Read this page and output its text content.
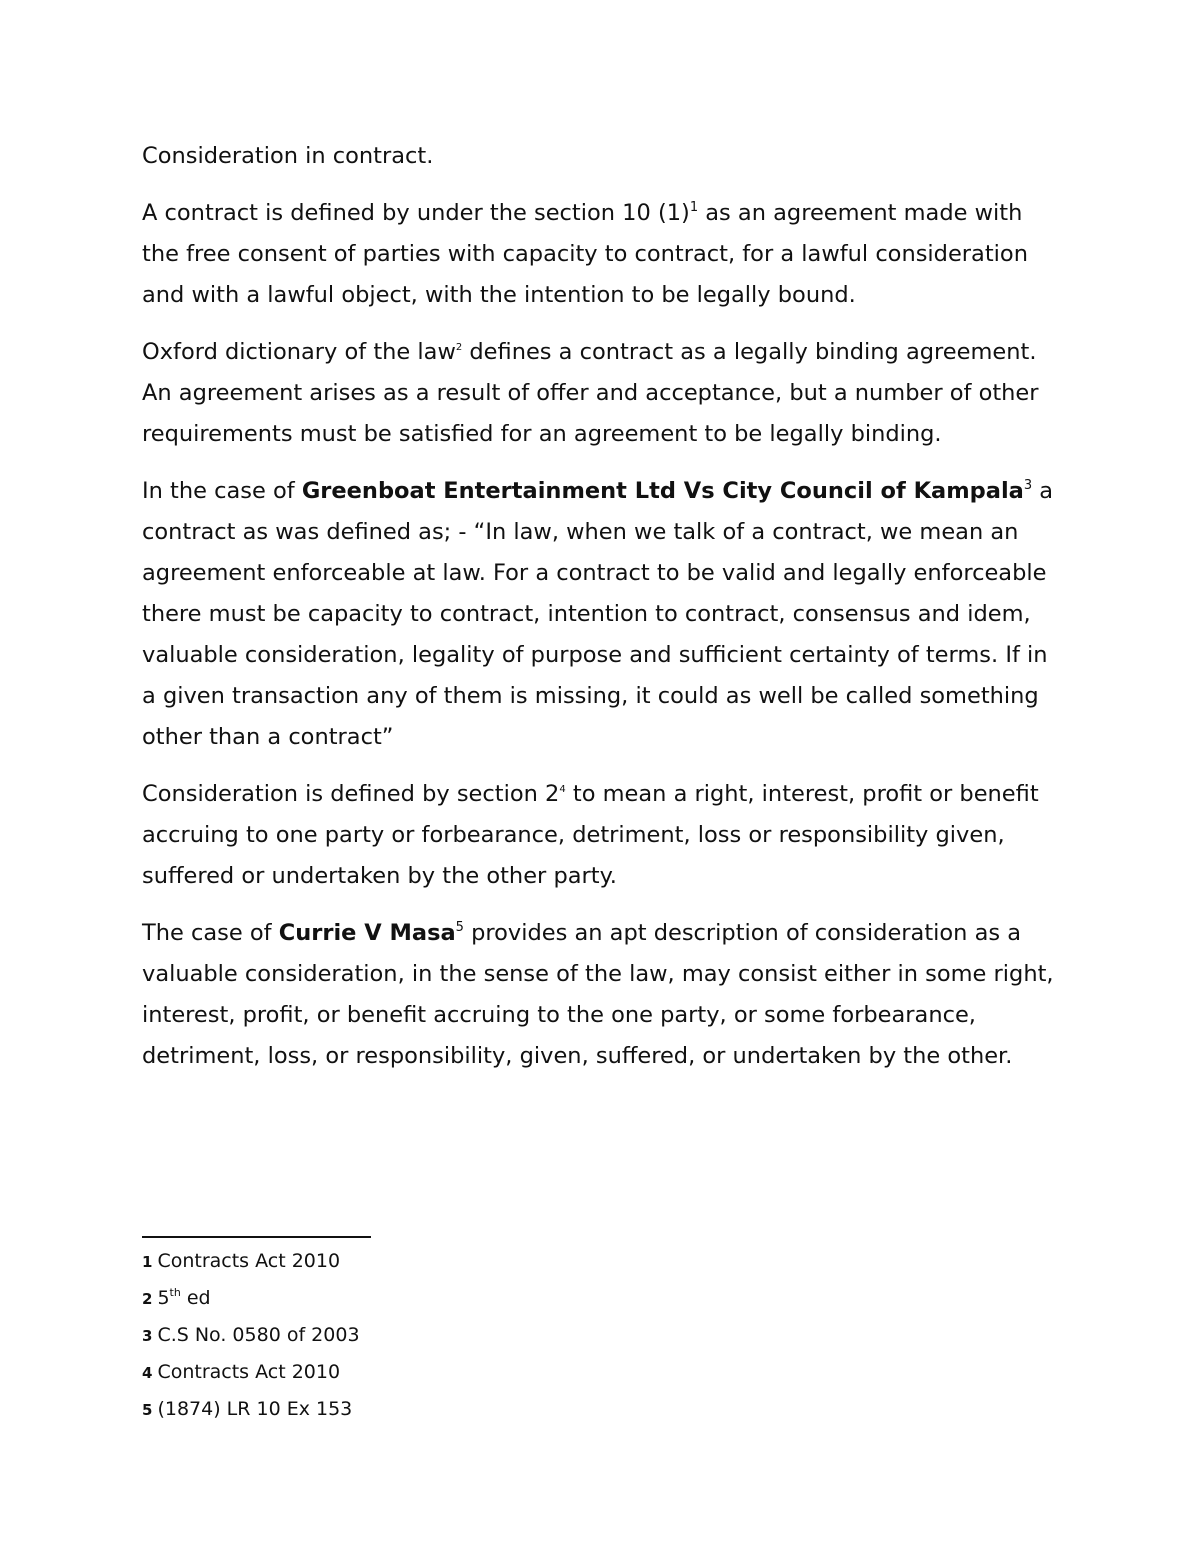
Consideration in contract.

A contract is defined by under the section 10 $(1)^1$ as an agreement made with the free consent of parties with capacity to contract, for a lawful consideration and with a lawful object, with the intention to be legally bound.

Oxford dictionary of the law$^2$ defines a contract as a legally binding agreement. An agreement arises as a result of offer and acceptance, but a number of other requirements must be satisfied for an agreement to be legally binding.

In the case of Greenboat Entertainment Ltd Vs City Council of Kampala$^3$ a contract as was defined as; - “In law, when we talk of a contract, we mean an agreement enforceable at law. For a contract to be valid and legally enforceable there must be capacity to contract, intention to contract, consensus and idem, valuable consideration, legality of purpose and sufficient certainty of terms. If in a given transaction any of them is missing, it could as well be called something other than a contract”

Consideration is defined by section $2^4$ to mean a right, interest, profit or benefit accruing to one party or forbearance, detriment, loss or responsibility given, suffered or undertaken by the other party.

The case of Currie V Masa$^5$ provides an apt description of consideration as a valuable consideration, in the sense of the law, may consist either in some right, interest, profit, or benefit accruing to the one party, or some forbearance, detriment, loss, or responsibility, given, suffered, or undertaken by the other.

1 Contracts Act 2010
2 5th ed
3 C.S No. 0580 of 2003
4 Contracts Act 2010
5 (1874) LR 10 Ex 153
